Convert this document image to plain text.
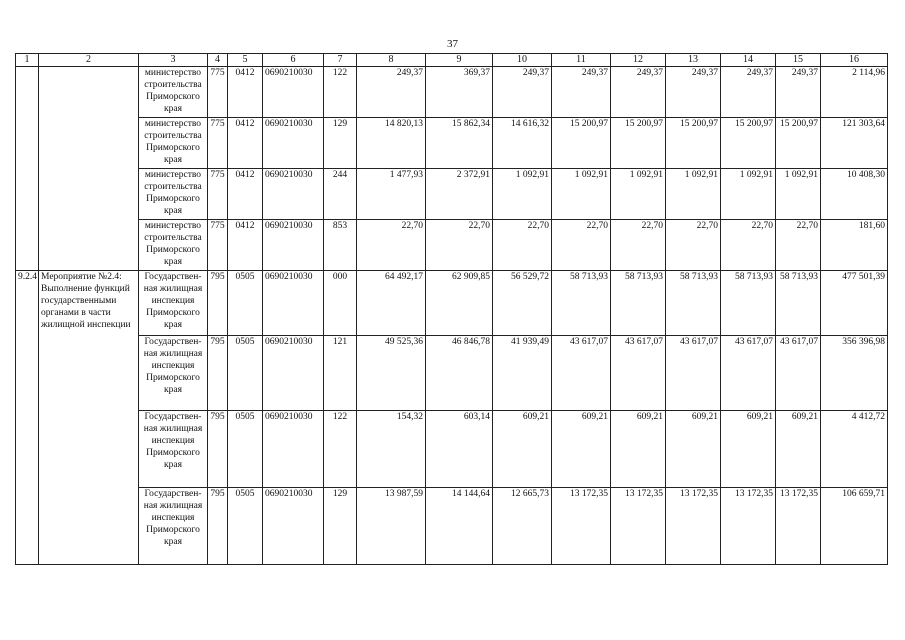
37
1	2	3	4	5	6	7	8	9	10	11	12	13	14	15	16
		министерство строительства Приморского края	775	0412	0690210030	122	249,37	369,37	249,37	249,37	249,37	249,37	249,37	249,37	2 114,96
		министерство строительства Приморского края	775	0412	0690210030	129	14 820,13	15 862,34	14 616,32	15 200,97	15 200,97	15 200,97	15 200,97	15 200,97	121 303,64
		министерство строительства Приморского края	775	0412	0690210030	244	1 477,93	2 372,91	1 092,91	1 092,91	1 092,91	1 092,91	1 092,91	1 092,91	10 408,30
		министерство строительства Приморского края	775	0412	0690210030	853	22,70	22,70	22,70	22,70	22,70	22,70	22,70	22,70	181,60
9.2.4	Мероприятие №2.4: Выполнение функций государственными органами в части жилищной инспекции	Государствен-ная жилищная инспекция Приморского края	795	0505	0690210030	000	64 492,17	62 909,85	56 529,72	58 713,93	58 713,93	58 713,93	58 713,93	58 713,93	477 501,39
		Государствен-ная жилищная инспекция Приморского края	795	0505	0690210030	121	49 525,36	46 846,78	41 939,49	43 617,07	43 617,07	43 617,07	43 617,07	43 617,07	356 396,98
		Государствен-ная жилищная инспекция Приморского края	795	0505	0690210030	122	154,32	603,14	609,21	609,21	609,21	609,21	609,21	609,21	4 412,72
		Государствен-ная жилищная инспекция Приморского края	795	0505	0690210030	129	13 987,59	14 144,64	12 665,73	13 172,35	13 172,35	13 172,35	13 172,35	13 172,35	106 659,71
